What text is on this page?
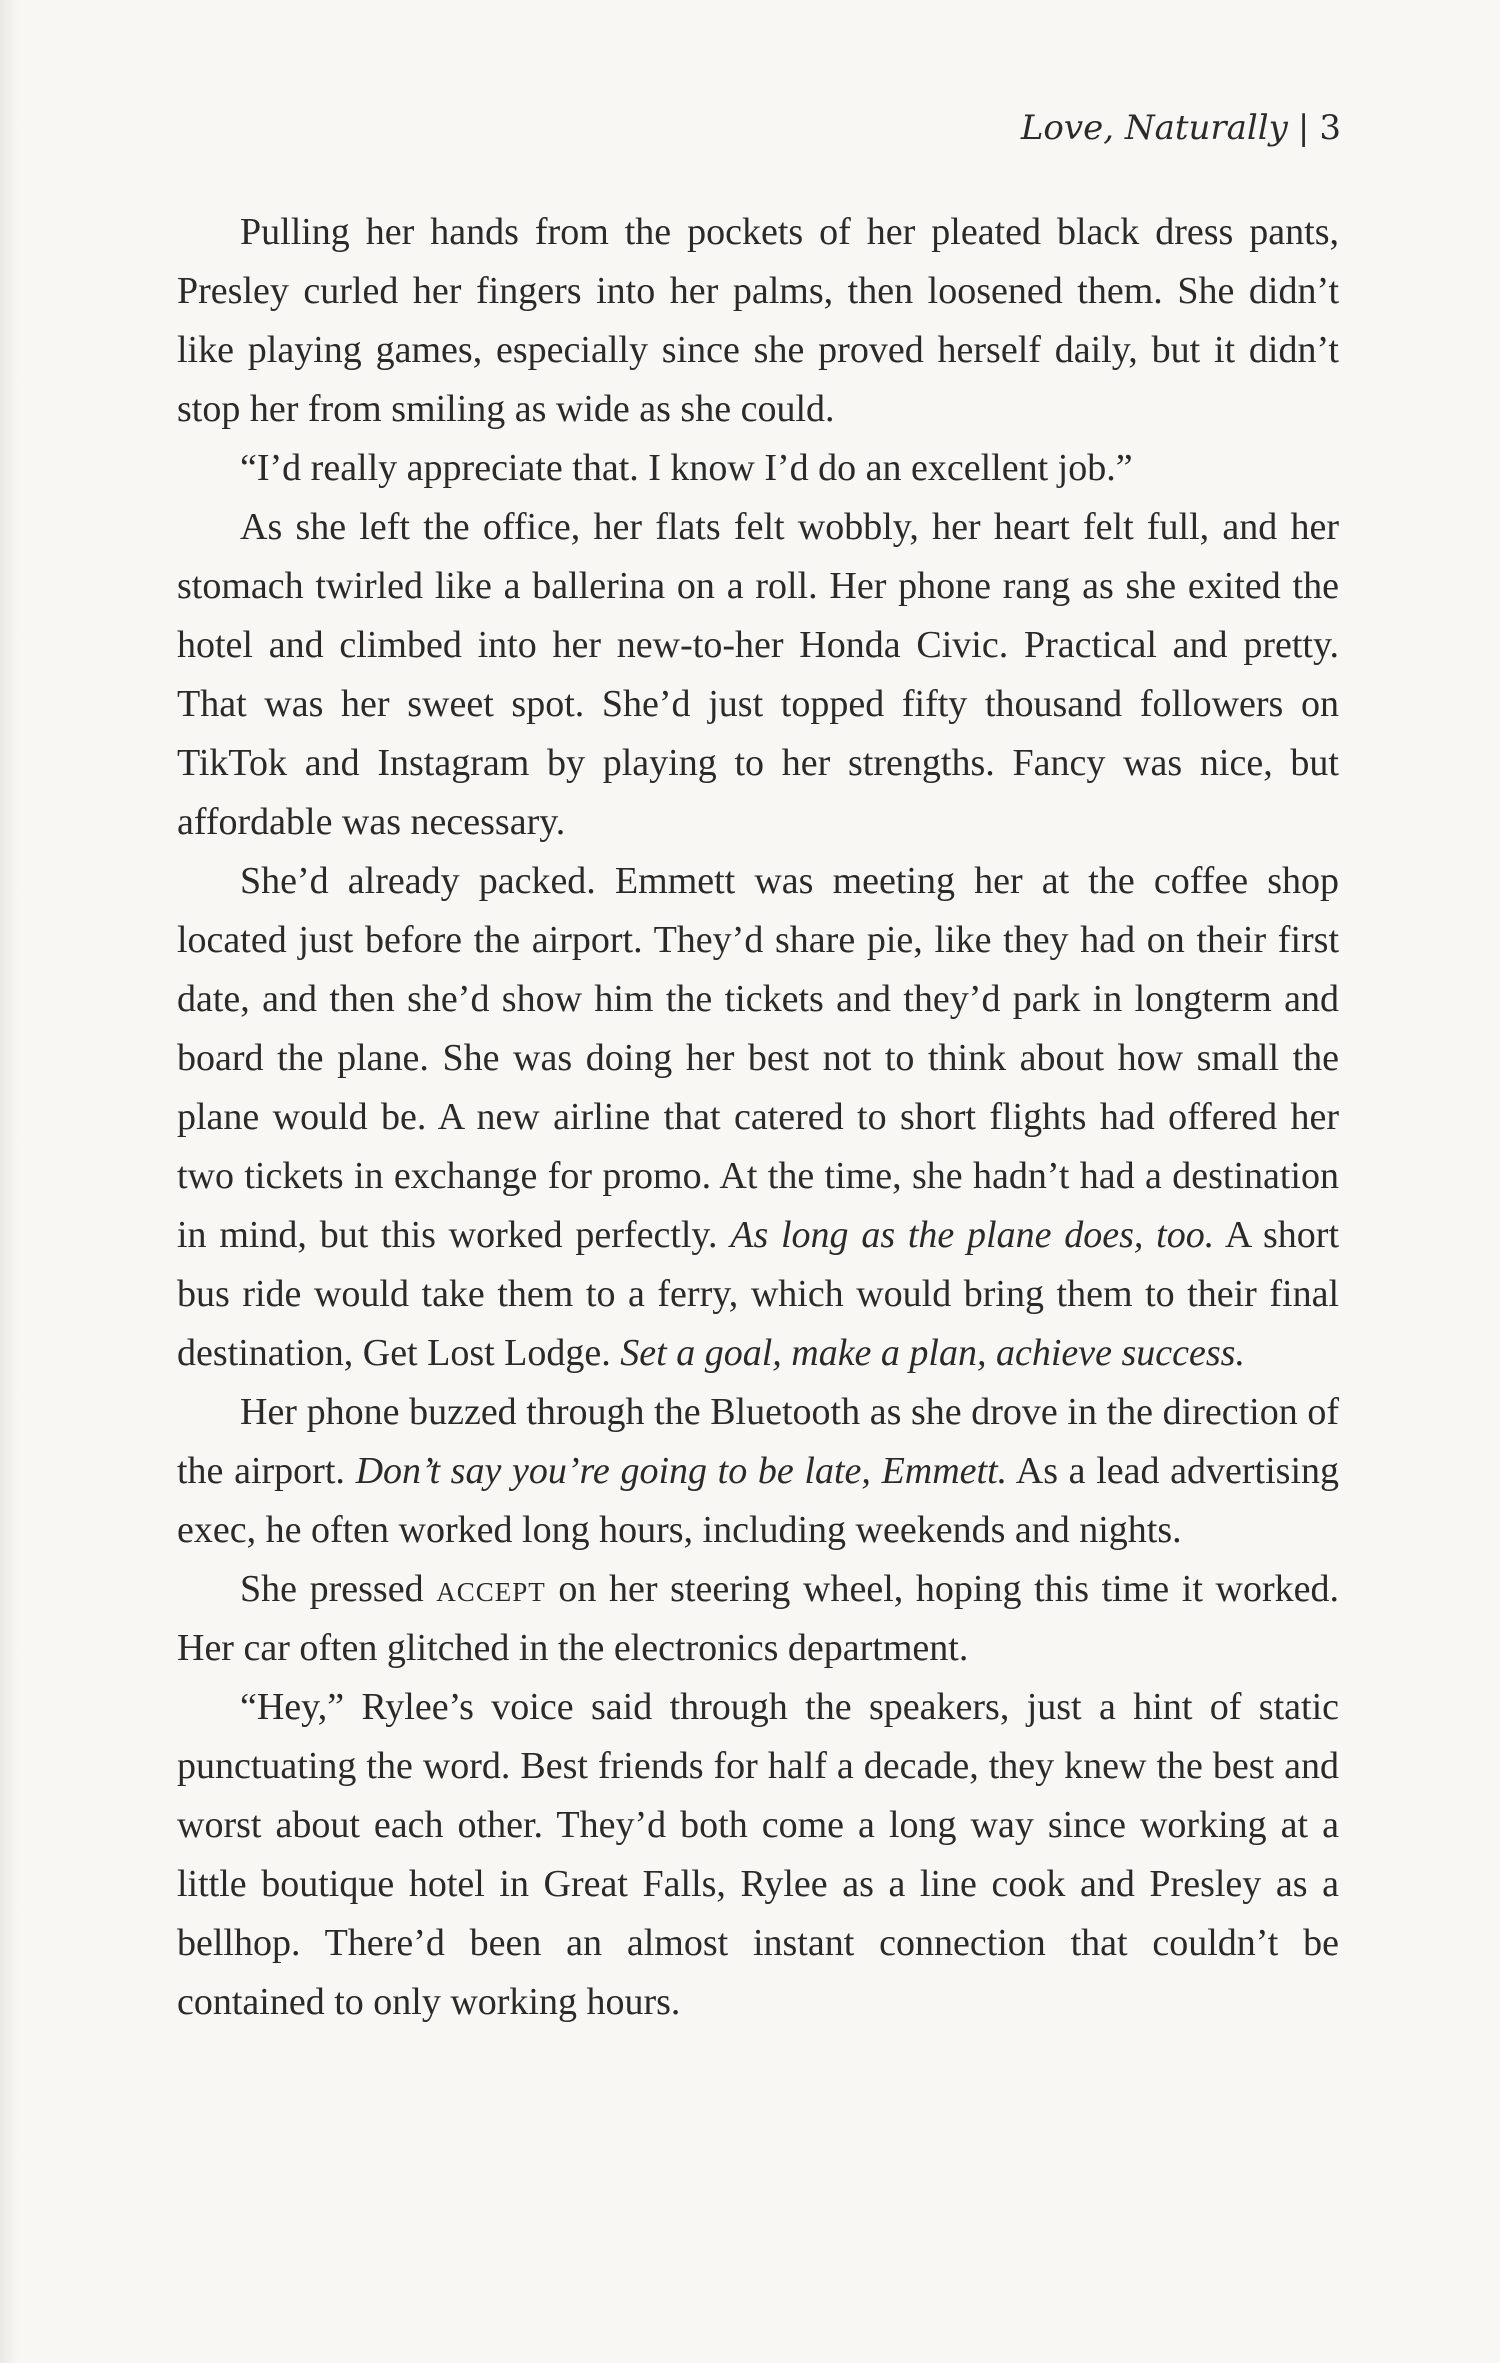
Love, Naturally | 3

Pulling her hands from the pockets of her pleated black dress pants, Presley curled her fingers into her palms, then loosened them. She didn’t like playing games, especially since she proved herself daily, but it didn’t stop her from smiling as wide as she could.

“I’d really appreciate that. I know I’d do an excellent job.”

As she left the office, her flats felt wobbly, her heart felt full, and her stomach twirled like a ballerina on a roll. Her phone rang as she exited the hotel and climbed into her new-to-her Honda Civic. Practical and pretty. That was her sweet spot. She’d just topped fifty thousand followers on TikTok and Instagram by playing to her strengths. Fancy was nice, but affordable was necessary.

She’d already packed. Emmett was meeting her at the coffee shop located just before the airport. They’d share pie, like they had on their first date, and then she’d show him the tickets and they’d park in longterm and board the plane. She was doing her best not to think about how small the plane would be. A new airline that catered to short flights had offered her two tickets in exchange for promo. At the time, she hadn’t had a destination in mind, but this worked perfectly. As long as the plane does, too. A short bus ride would take them to a ferry, which would bring them to their final destination, Get Lost Lodge. Set a goal, make a plan, achieve success.

Her phone buzzed through the Bluetooth as she drove in the direction of the airport. Don’t say you’re going to be late, Emmett. As a lead advertising exec, he often worked long hours, including weekends and nights.

She pressed accept on her steering wheel, hoping this time it worked. Her car often glitched in the electronics department.

“Hey,” Rylee’s voice said through the speakers, just a hint of static punctuating the word. Best friends for half a decade, they knew the best and worst about each other. They’d both come a long way since working at a little boutique hotel in Great Falls, Rylee as a line cook and Presley as a bellhop. There’d been an almost instant connection that couldn’t be contained to only working hours.
